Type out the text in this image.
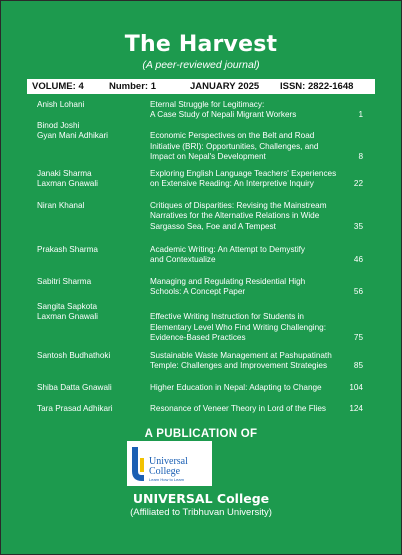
The Harvest
(A peer-reviewed journal)
VOLUME: 4	Number: 1	JANUARY 2025 ISSN: 2822-1648
Anish Lohani	Eternal Struggle for Legitimacy:
A Case Study of Nepali Migrant Workers	1
Binod Joshi
Gyan Mani Adhikari	Economic Perspectives on the Belt and Road
Initiative (BRI): Opportunities, Challenges, and
Impact on Nepal's Development	8
Janaki Sharma
Laxman Gnawali
Exploring English Language Teachers' Experiences
on Extensive Reading: An Interpretive Inquiry	22
Niran Khanal	Critiques of Disparities: Revising the Mainstream
Narratives for the Alternative Relations in Wide
Sargasso Sea, Foe and A Tempest	35
Prakash Sharma	Academic Writing: An Attempt to Demystify
and Contextualize	46
Sabitri Sharma	Managing and Regulating Residential High
Schools: A Concept Paper	56
Sangita Sapkota
Laxman Gnawali	Effective Writing Instruction for Students in
Elementary Level Who Find Writing Challenging:
Evidence-Based Practices	75
Santosh Budhathoki	Sustainable Waste Management at Pashupatinath
Temple: Challenges and Improvement Strategies	85
Shiba Datta Gnawali	Higher Education in Nepal: Adapting to Change	104
Tara Prasad Adhikari	Resonance of Veneer Theory in Lord of the Flies	124
A PUBLICATION OF
Universal
College
Learn How to Learn
UNIVERSAL College
(Affiliated to Tribhuvan University)
